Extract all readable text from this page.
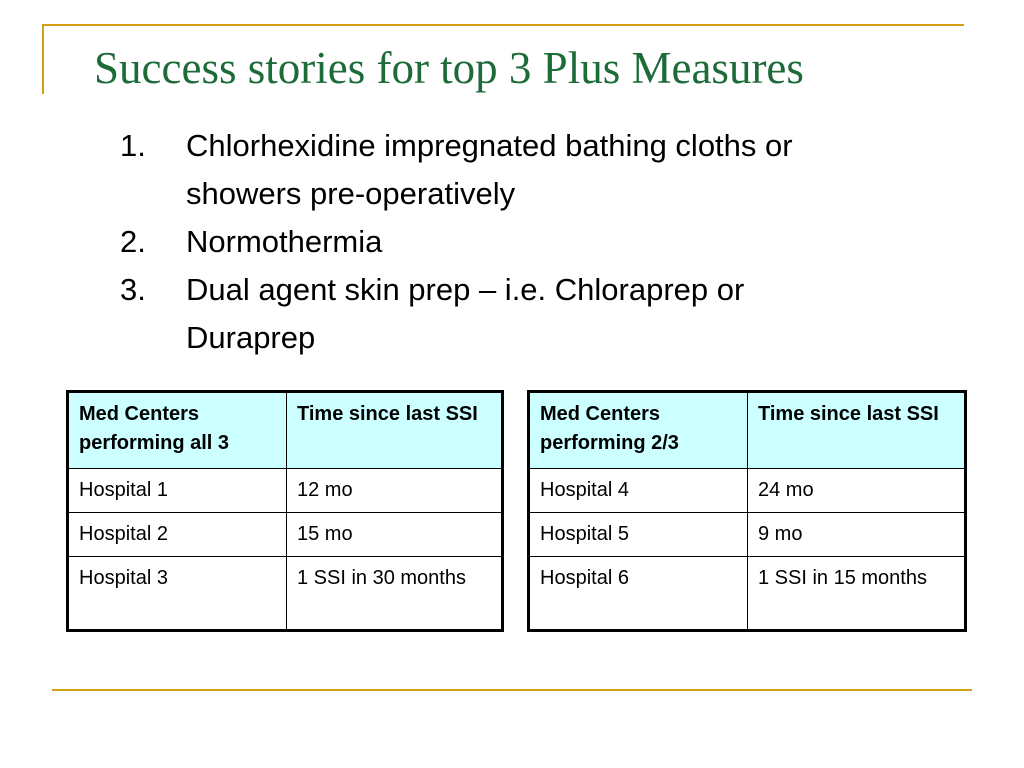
Success stories for top 3 Plus Measures
1.	Chlorhexidine impregnated bathing cloths or showers pre-operatively
2.	Normothermia
3.	Dual agent skin prep – i.e. Chloraprep or Duraprep
Med Centers performing all 3	Time since last SSI
Hospital 1	12 mo
Hospital 2	15 mo
Hospital 3	1 SSI in 30 months
Med Centers performing 2/3	Time since last SSI
Hospital 4	24 mo
Hospital 5	9 mo
Hospital 6	1 SSI in 15 months
